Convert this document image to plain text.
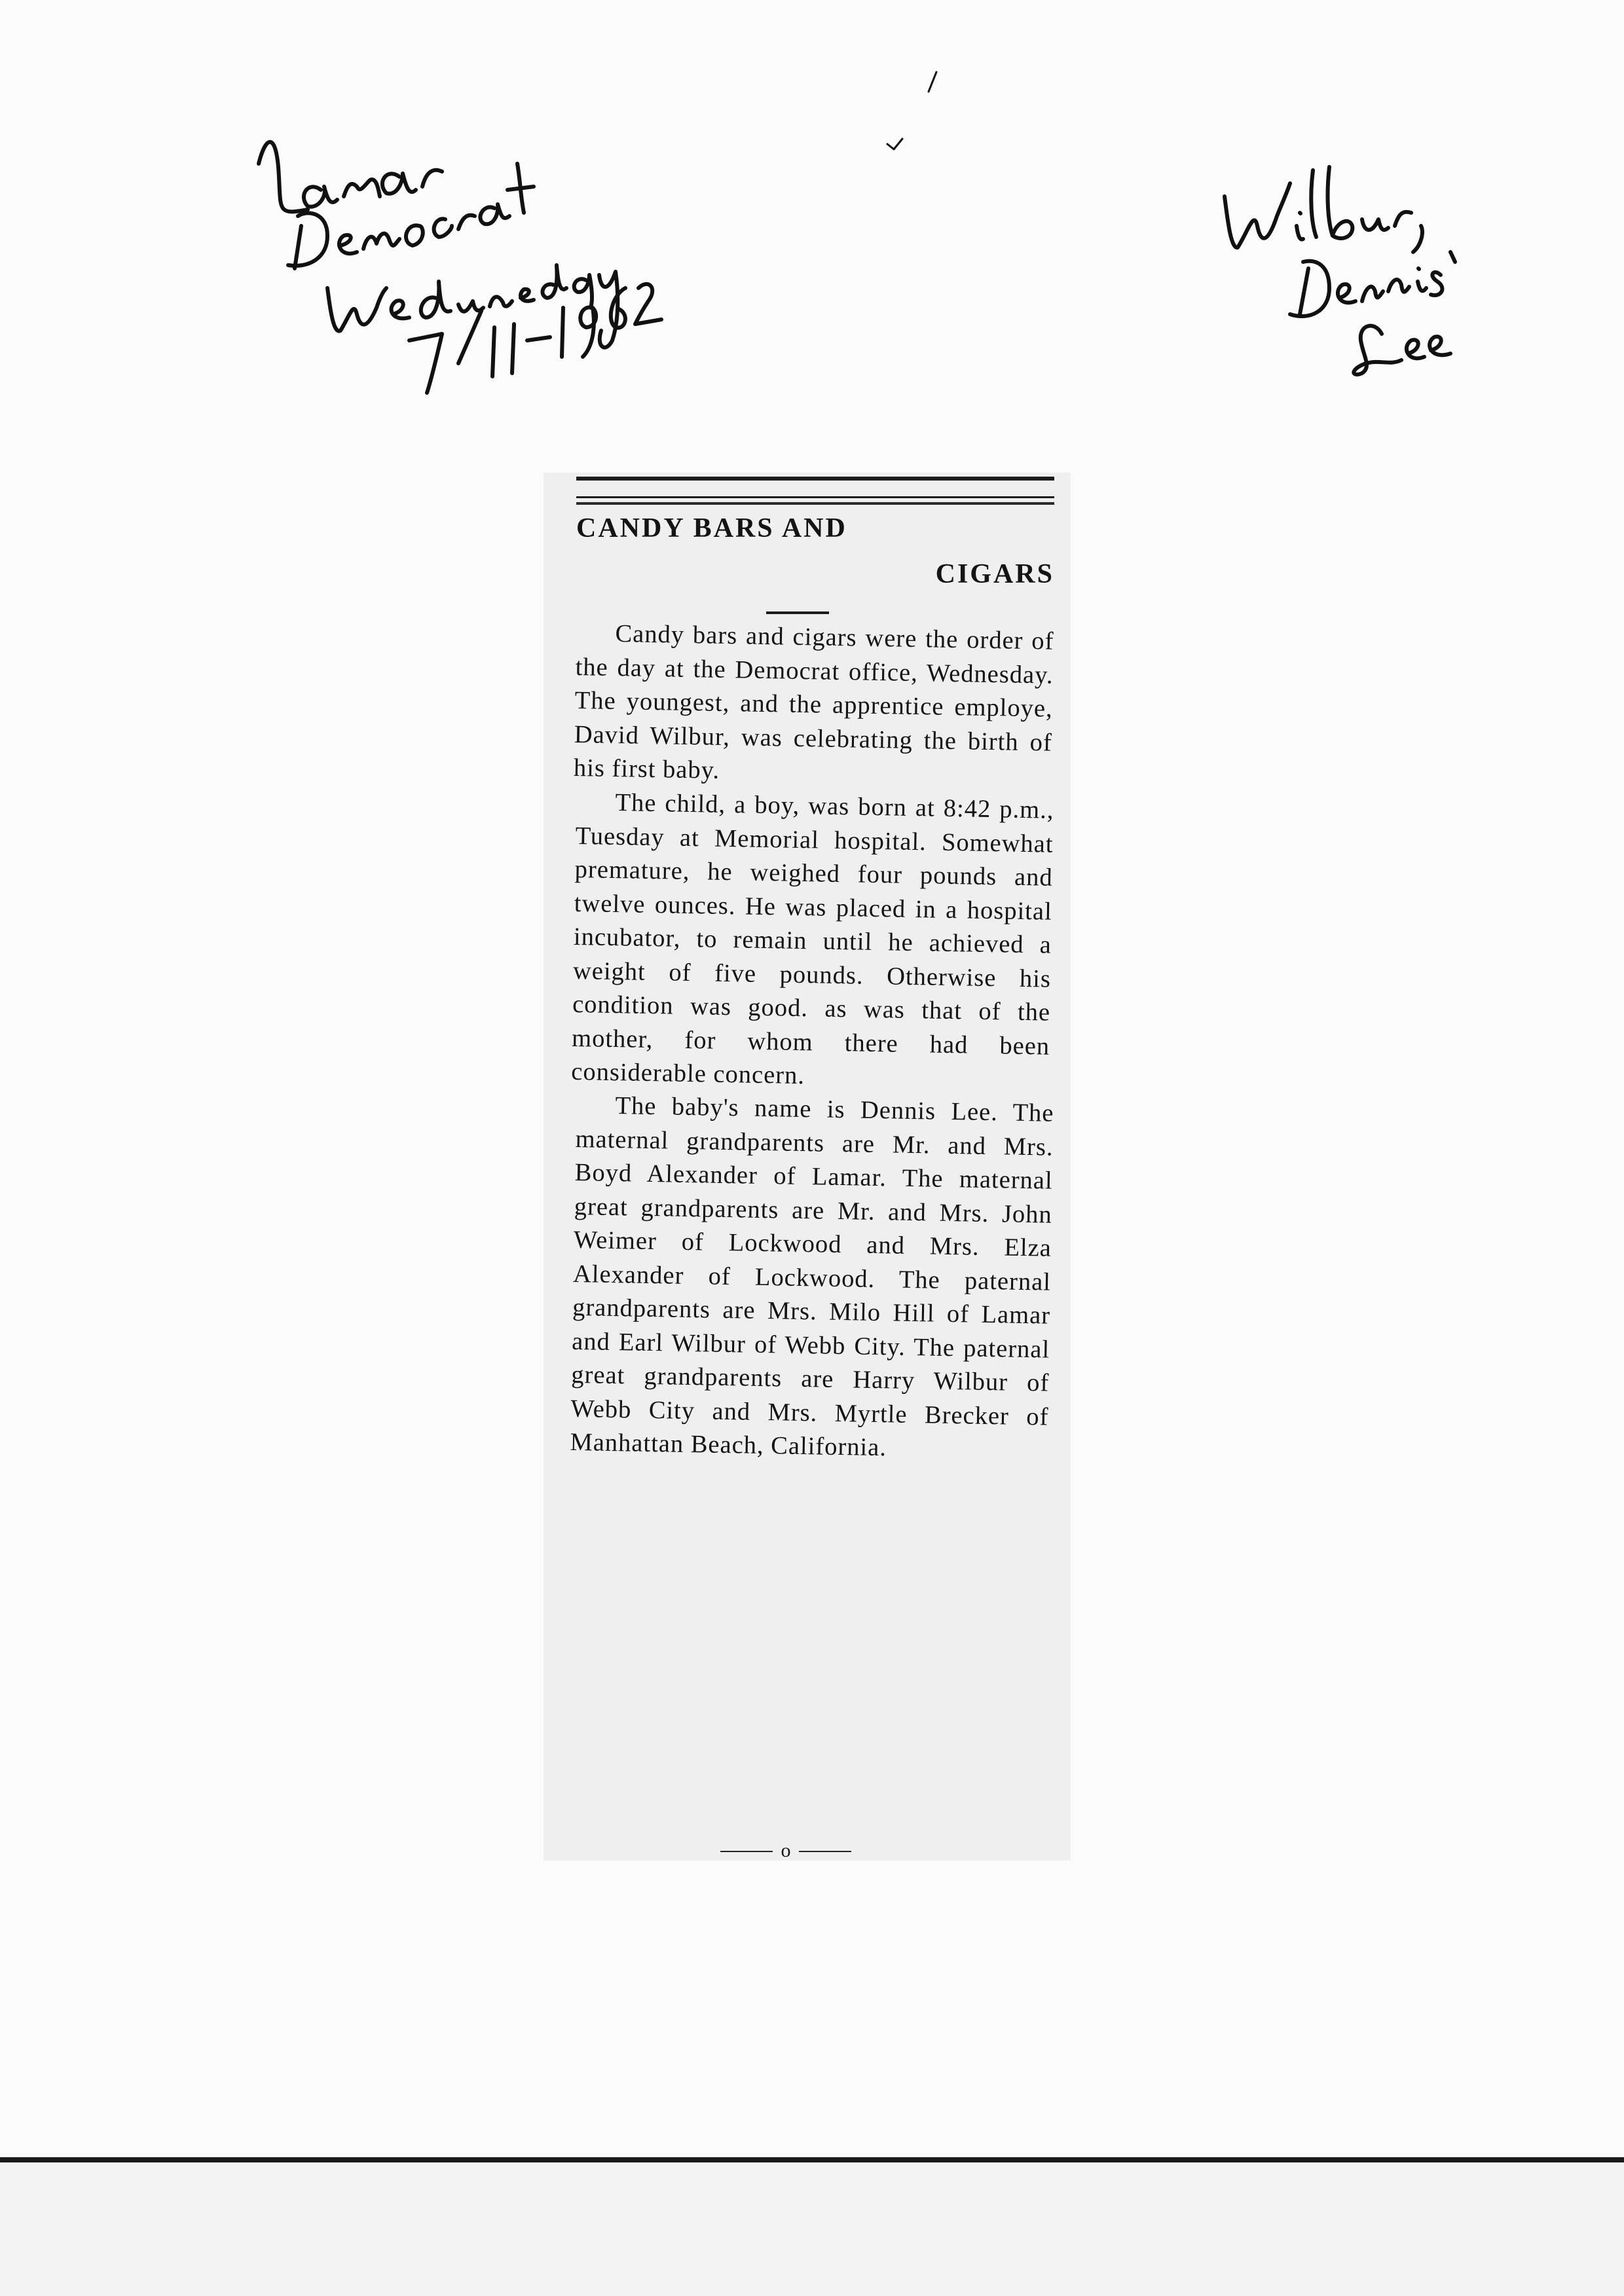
CANDY BARS AND
CIGARS

Candy bars and cigars were the order of the day at the Democrat office, Wednesday. The youngest, and the apprentice employe, David Wilbur, was celebrating the birth of his first baby.

The child, a boy, was born at 8:42 p.m., Tuesday at Memorial hospital. Somewhat premature, he weighed four pounds and twelve ounces. He was placed in a hospital incubator, to remain until he achieved a weight of five pounds. Otherwise his condition was good. as was that of the mother, for whom there had been considerable concern.

The baby's name is Dennis Lee. The maternal grandparents are Mr. and Mrs. Boyd Alexander of Lamar. The maternal great grandparents are Mr. and Mrs. John Weimer of Lockwood and Mrs. Elza Alexander of Lockwood. The paternal grandparents are Mrs. Milo Hill of Lamar and Earl Wilbur of Webb City. The paternal great grandparents are Harry Wilbur of Webb City and Mrs. Myrtle Brecker of Manhattan Beach, California.

o
